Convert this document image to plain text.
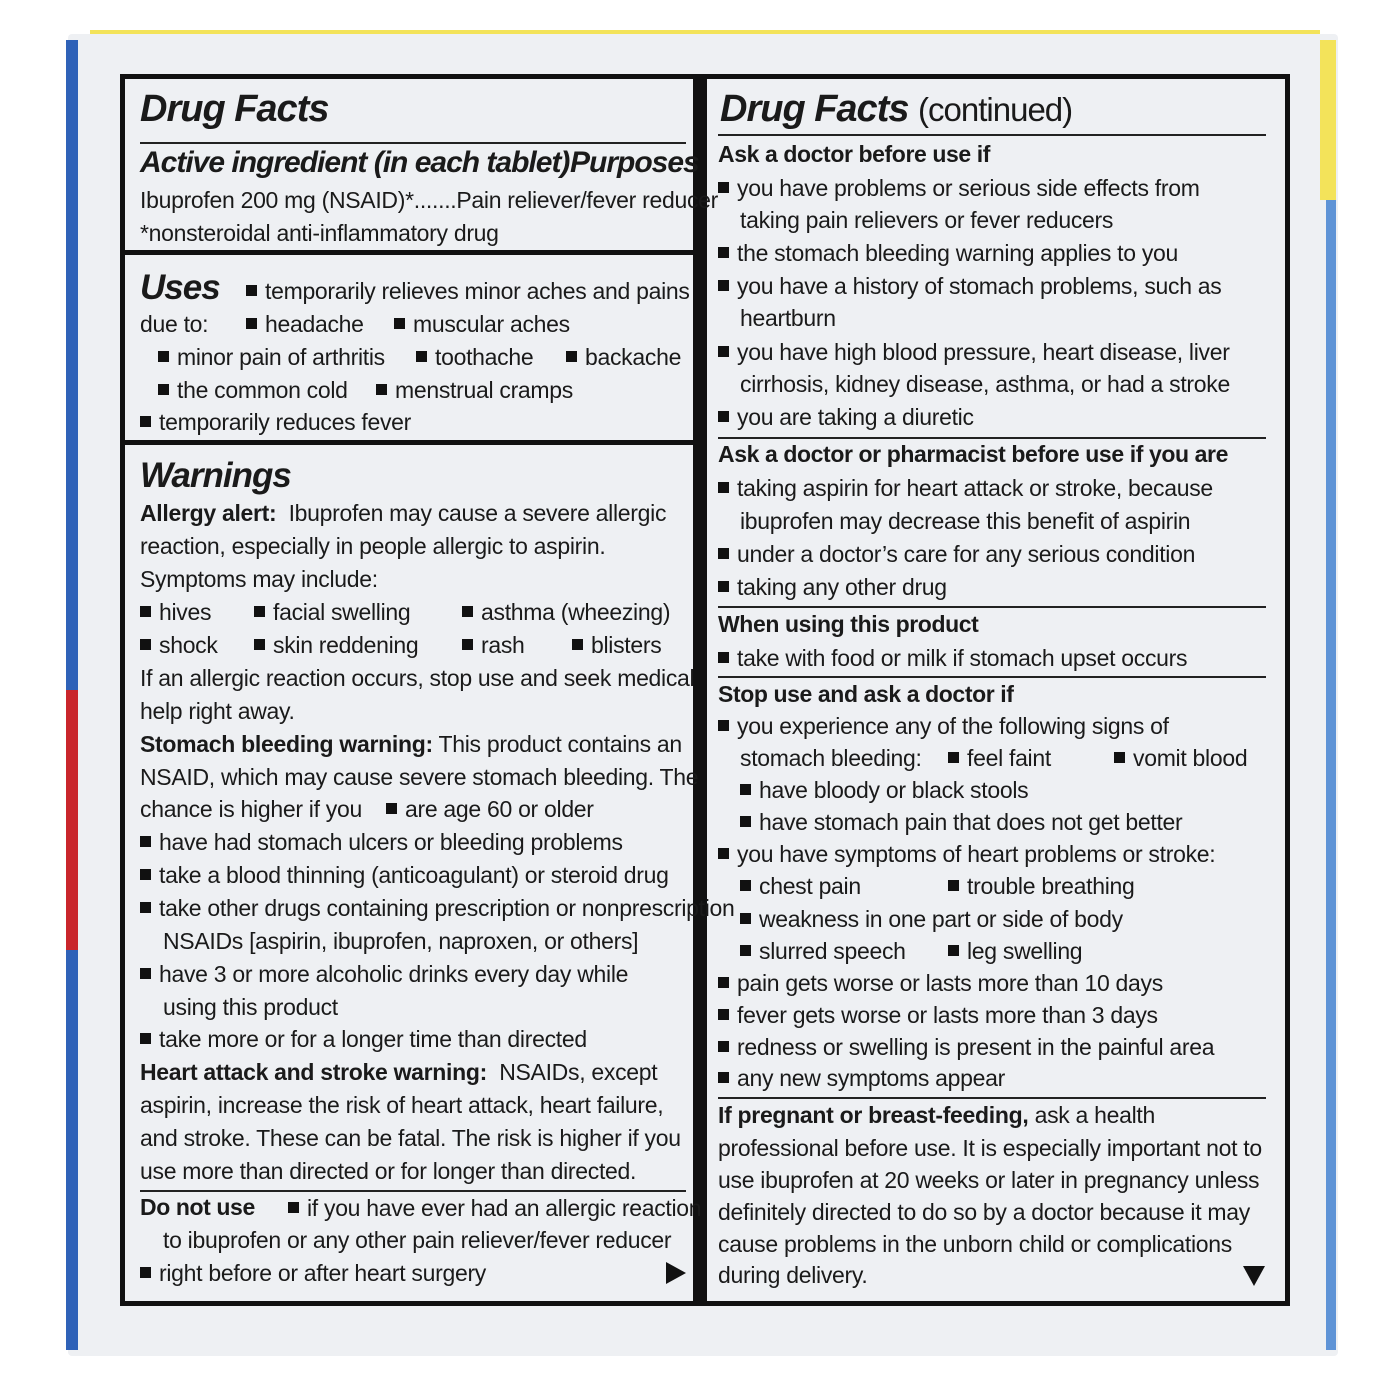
Drug Facts
Active ingredient (in each tablet) Purposes
Ibuprofen 200 mg (NSAID)*.......Pain reliever/fever reducer
*nonsteroidal anti-inflammatory drug
Uses	temporarily relieves minor aches and pains
due to:	headache	muscular aches
minor pain of arthritis	toothache	backache
the common cold	menstrual cramps
temporarily reduces fever
Warnings
Allergy alert: Ibuprofen may cause a severe allergic
reaction, especially in people allergic to aspirin.
Symptoms may include:
hives	facial swelling	asthma (wheezing)
shock	skin reddening	rash	blisters
If an allergic reaction occurs, stop use and seek medical
help right away.
Stomach bleeding warning: This product contains an
NSAID, which may cause severe stomach bleeding. The
chance is higher if you	are age 60 or older
have had stomach ulcers or bleeding problems
take a blood thinning (anticoagulant) or steroid drug
take other drugs containing prescription or nonprescription
NSAIDs [aspirin, ibuprofen, naproxen, or others]
have 3 or more alcoholic drinks every day while
using this product
take more or for a longer time than directed
Heart attack and stroke warning: NSAIDs, except
aspirin, increase the risk of heart attack, heart failure,
and stroke. These can be fatal. The risk is higher if you
use more than directed or for longer than directed.
Do not use	if you have ever had an allergic reaction
to ibuprofen or any other pain reliever/fever reducer
right before or after heart surgery
Drug Facts (continued)
Ask a doctor before use if
you have problems or serious side effects from
taking pain relievers or fever reducers
the stomach bleeding warning applies to you
you have a history of stomach problems, such as
heartburn
you have high blood pressure, heart disease, liver
cirrhosis, kidney disease, asthma, or had a stroke
you are taking a diuretic
Ask a doctor or pharmacist before use if you are
taking aspirin for heart attack or stroke, because
ibuprofen may decrease this benefit of aspirin
under a doctor’s care for any serious condition
taking any other drug
When using this product
take with food or milk if stomach upset occurs
Stop use and ask a doctor if
you experience any of the following signs of
stomach bleeding:	feel faint	vomit blood
have bloody or black stools
have stomach pain that does not get better
you have symptoms of heart problems or stroke:
chest pain	trouble breathing
weakness in one part or side of body
slurred speech	leg swelling
pain gets worse or lasts more than 10 days
fever gets worse or lasts more than 3 days
redness or swelling is present in the painful area
any new symptoms appear
If pregnant or breast-feeding, ask a health
professional before use. It is especially important not to
use ibuprofen at 20 weeks or later in pregnancy unless
definitely directed to do so by a doctor because it may
cause problems in the unborn child or complications
during delivery.
